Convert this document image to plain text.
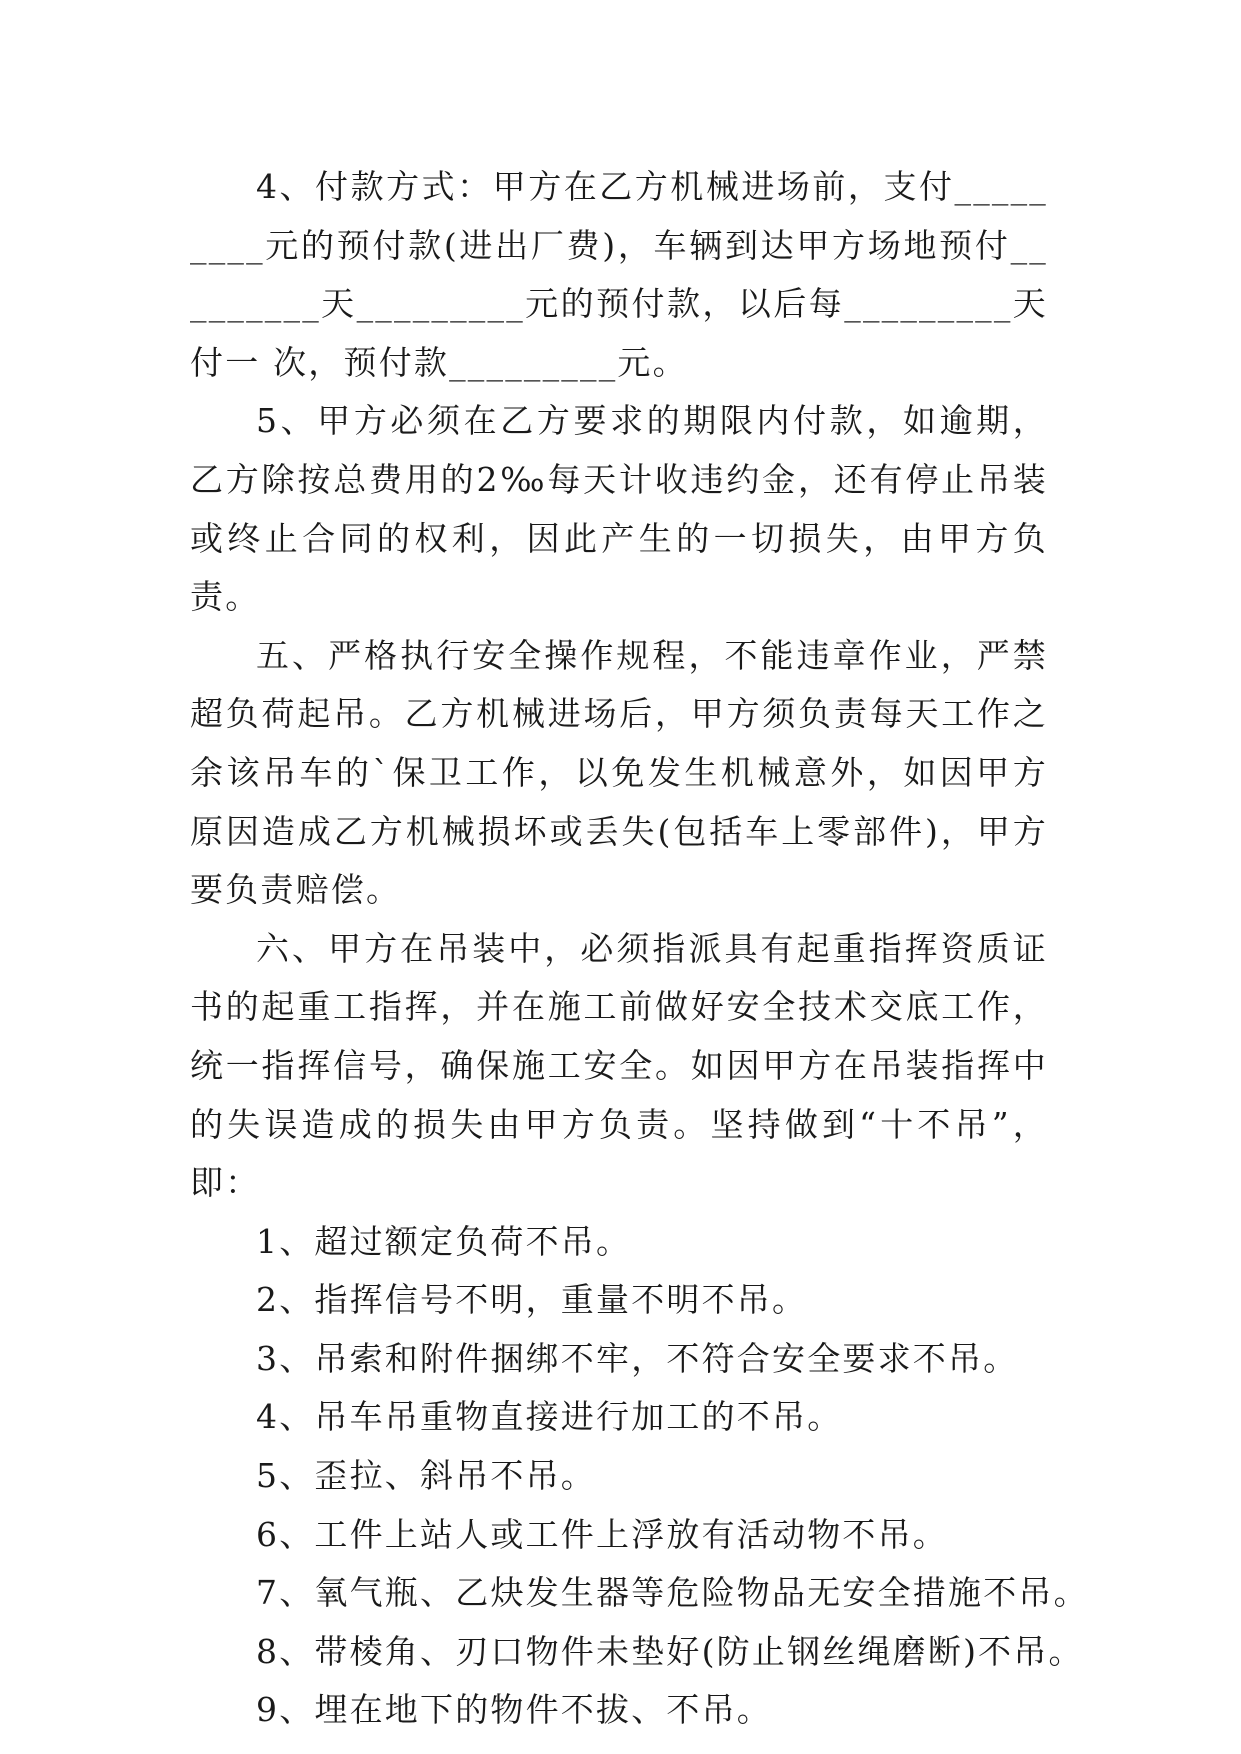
4、付款方式：甲方在乙方机械进场前，支付_________元的预付款(进出厂费)，车辆到达甲方场地预付_________天_________元的预付款，以后每_________天付一 次，预付款_________元。

5、甲方必须在乙方要求的期限内付款，如逾期，乙方除按总费用的2‰每天计收违约金，还有停止吊装或终止合同的权利，因此产生的一切损失，由甲方负责。

五、严格执行安全操作规程，不能违章作业，严禁超负荷起吊。乙方机械进场后，甲方须负责每天工作之余该吊车的`保卫工作，以免发生机械意外，如因甲方原因造成乙方机械损坏或丢失(包括车上零部件)，甲方要负责赔偿。

六、甲方在吊装中，必须指派具有起重指挥资质证书的起重工指挥，并在施工前做好安全技术交底工作，统一指挥信号，确保施工安全。如因甲方在吊装指挥中的失误造成的损失由甲方负责。坚持做到“十不吊”，即：

1、超过额定负荷不吊。

2、指挥信号不明，重量不明不吊。

3、吊索和附件捆绑不牢，不符合安全要求不吊。

4、吊车吊重物直接进行加工的不吊。

5、歪拉、斜吊不吊。

6、工件上站人或工件上浮放有活动物不吊。

7、氧气瓶、乙炔发生器等危险物品无安全措施不吊。

8、带棱角、刃口物件未垫好(防止钢丝绳磨断)不吊。

9、埋在地下的物件不拔、不吊。
